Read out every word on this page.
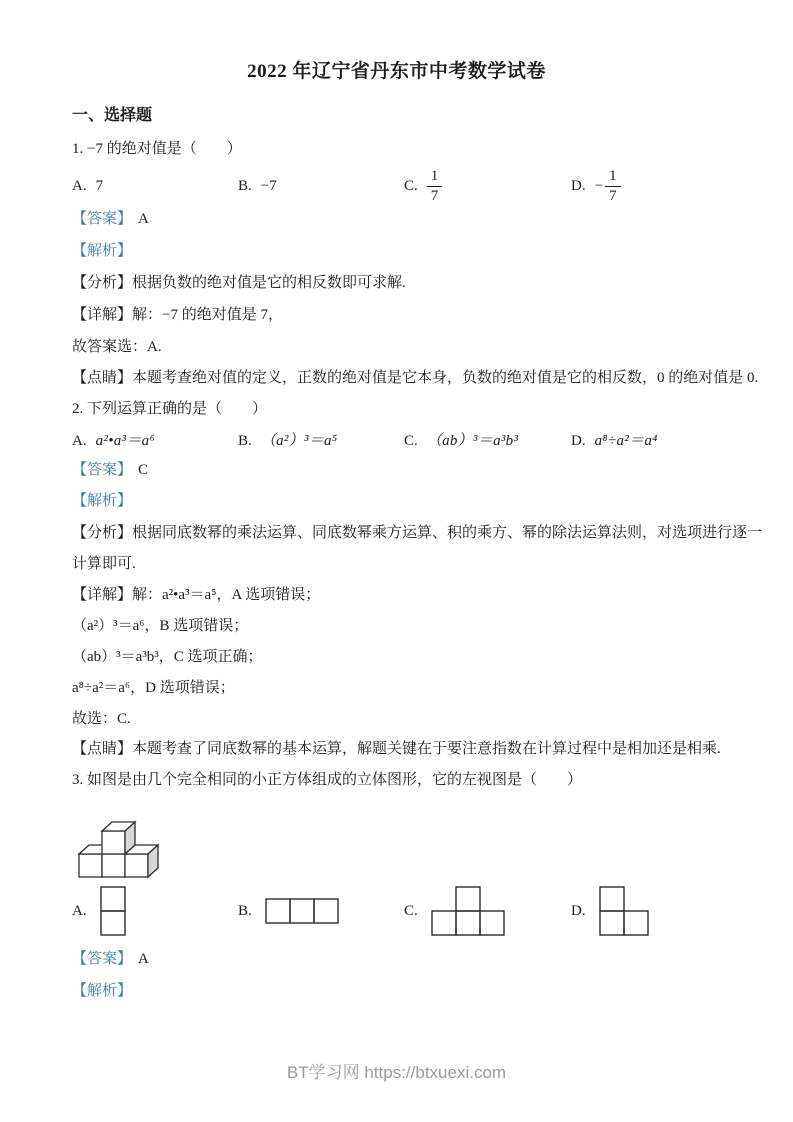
2022 年辽宁省丹东市中考数学试卷
一、选择题

1. −7 的绝对值是（　　）

A. 7	B. −7	C. $\frac{1}{7}$	D. − $\frac{1}{7}$

【答案】 A

【解析】

【分析】根据负数的绝对值是它的相反数即可求解.

【详解】解：−7 的绝对值是 7，

故答案选：A.

【点睛】本题考查绝对值的定义，正数的绝对值是它本身，负数的绝对值是它的相反数，0 的绝对值是 0.

2. 下列运算正确的是（　　）

A. a²•a³＝a⁶	B. （a²）³＝a⁵	C. （ab）³＝a³b³	D. a⁸÷a²＝a⁴

【答案】 C

【解析】

【分析】根据同底数幂的乘法运算、同底数幂乘方运算、积的乘方、幂的除法运算法则，对选项进行逐一

计算即可.

【详解】解：a²•a³＝a⁵，A 选项错误；

（a²）³＝a⁶，B 选项错误；

（ab）³＝a³b³，C 选项正确；

a⁸÷a²＝a⁶，D 选项错误；

故选：C.

【点睛】本题考查了同底数幂的基本运算，解题关键在于要注意指数在计算过程中是相加还是相乘.

3. 如图是由几个完全相同的小正方体组成的立体图形，它的左视图是（　　）

A.	B.	C.	D.

【答案】 A

【解析】

BT学习网 https://btxuexi.com
